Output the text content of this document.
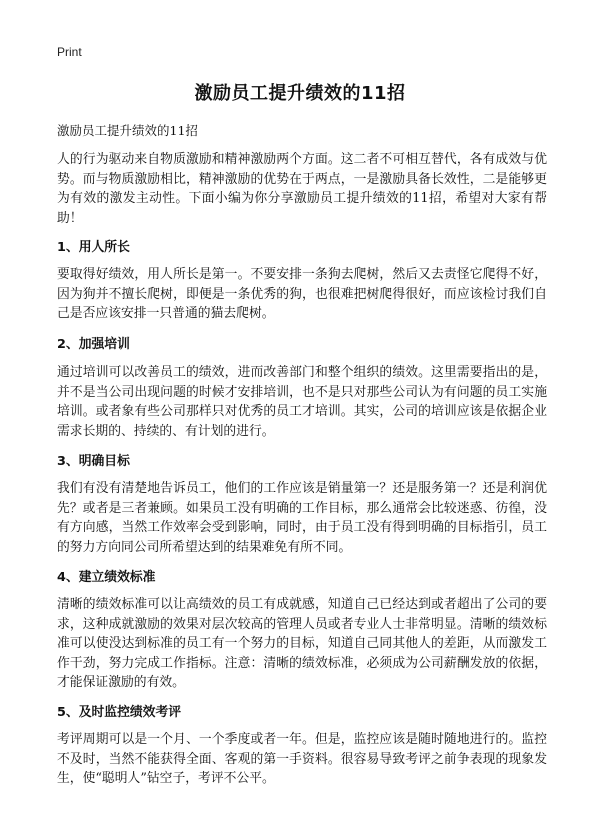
Print
激励员工提升绩效的11招

激励员工提升绩效的11招

人的行为驱动来自物质激励和精神激励两个方面。这二者不可相互替代，各有成效与优势。而与物质激励相比，精神激励的优势在于两点，一是激励具备长效性，二是能够更为有效的激发主动性。下面小编为你分享激励员工提升绩效的11招，希望对大家有帮助！

1、用人所长

要取得好绩效，用人所长是第一。不要安排一条狗去爬树，然后又去责怪它爬得不好，因为狗并不擅长爬树，即便是一条优秀的狗，也很难把树爬得很好，而应该检讨我们自己是否应该安排一只普通的猫去爬树。

2、加强培训

通过培训可以改善员工的绩效，进而改善部门和整个组织的绩效。这里需要指出的是，并不是当公司出现问题的时候才安排培训，也不是只对那些公司认为有问题的员工实施培训。或者象有些公司那样只对优秀的员工才培训。其实，公司的培训应该是依据企业需求长期的、持续的、有计划的进行。

3、明确目标

我们有没有清楚地告诉员工，他们的工作应该是销量第一？还是服务第一？还是利润优先？或者是三者兼顾。如果员工没有明确的工作目标，那么通常会比较迷惑、彷徨，没有方向感，当然工作效率会受到影响，同时，由于员工没有得到明确的目标指引，员工的努力方向同公司所希望达到的结果难免有所不同。

4、建立绩效标准

清晰的绩效标准可以让高绩效的员工有成就感，知道自己已经达到或者超出了公司的要求，这种成就激励的效果对层次较高的管理人员或者专业人士非常明显。清晰的绩效标准可以使没达到标准的员工有一个努力的目标，知道自己同其他人的差距，从而激发工作干劲，努力完成工作指标。注意：清晰的绩效标准，必须成为公司薪酬发放的依据，才能保证激励的有效。

5、及时监控绩效考评

考评周期可以是一个月、一个季度或者一年。但是，监控应该是随时随地进行的。监控不及时，当然不能获得全面、客观的第一手资料。很容易导致考评之前争表现的现象发生，使“聪明人”钻空子，考评不公平。
